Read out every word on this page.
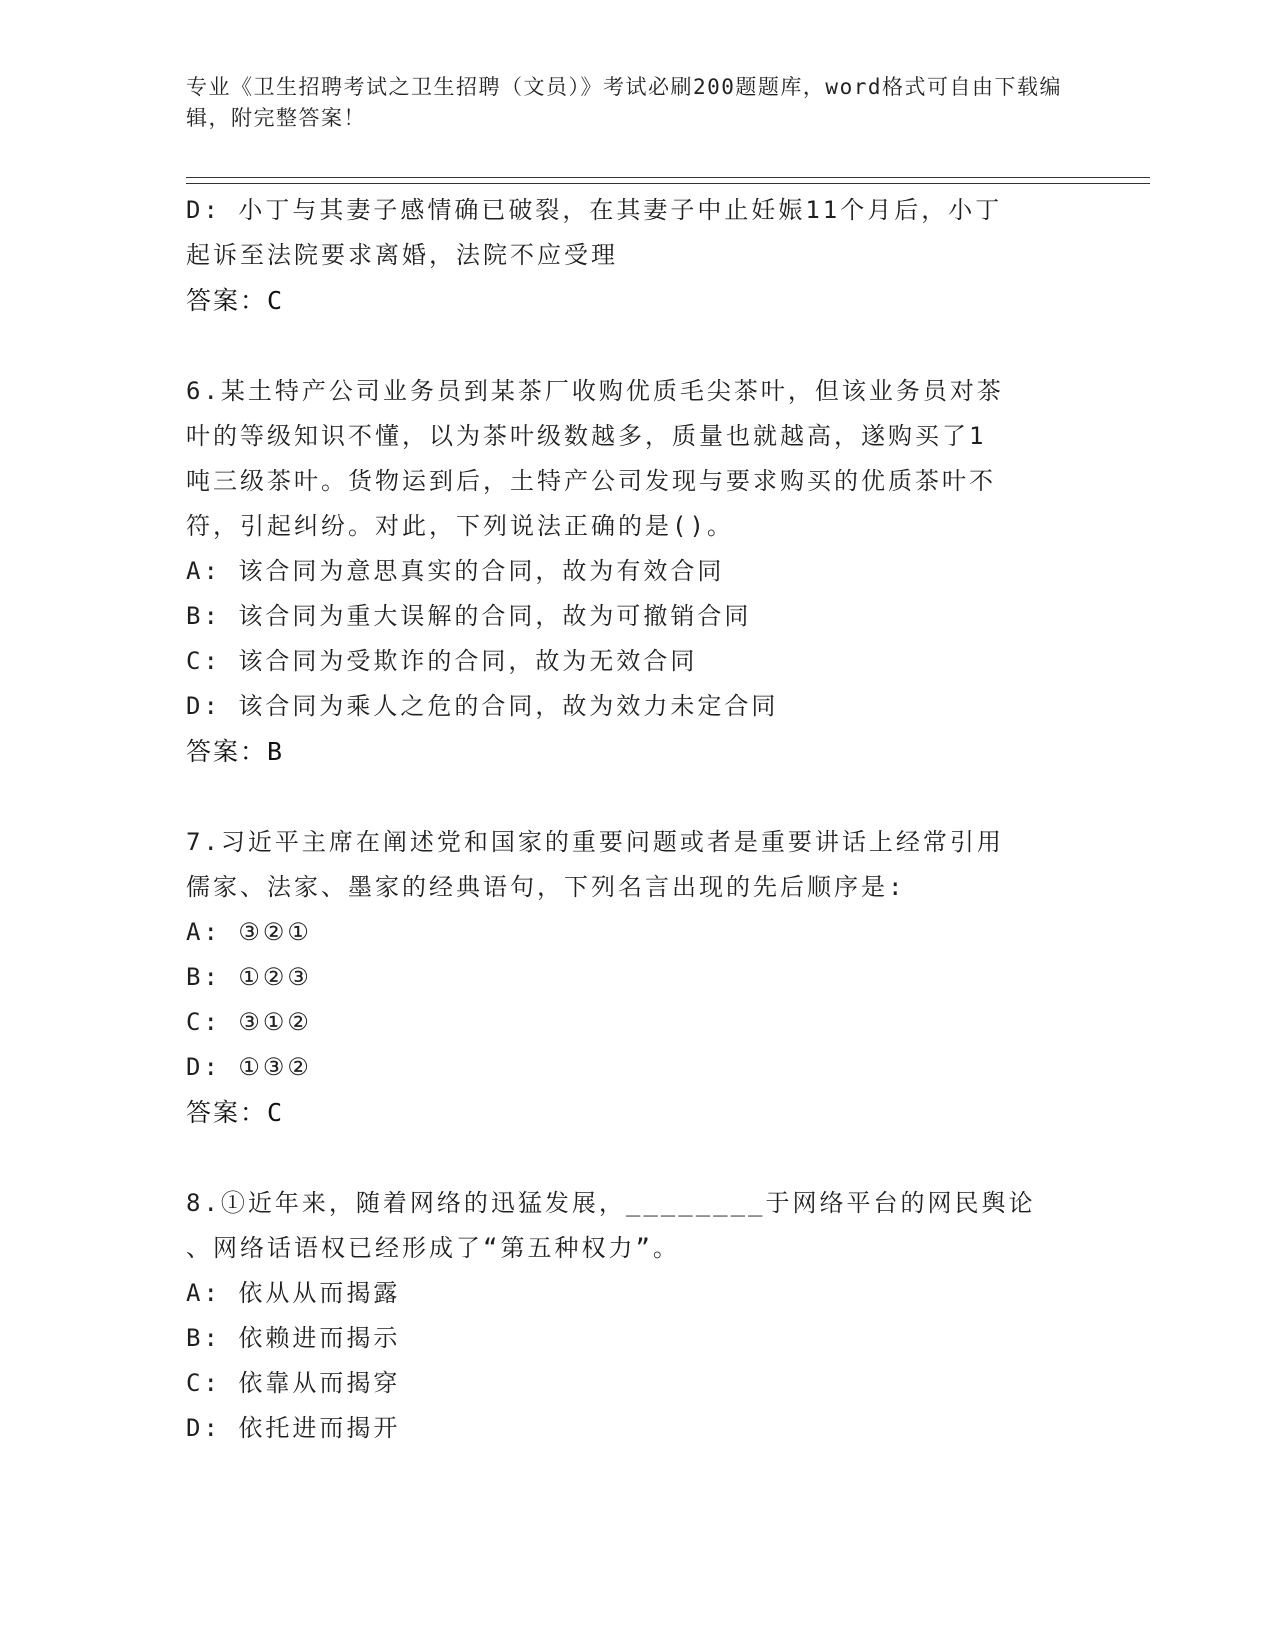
专业《卫生招聘考试之卫生招聘（文员）》考试必刷200题题库，word格式可自由下载编辑，附完整答案！
D: 小丁与其妻子感情确已破裂，在其妻子中止妊娠11个月后，小丁
起诉至法院要求离婚，法院不应受理
答案：C
6.某土特产公司业务员到某茶厂收购优质毛尖茶叶，但该业务员对茶
叶的等级知识不懂，以为茶叶级数越多，质量也就越高，遂购买了1
吨三级茶叶。货物运到后，土特产公司发现与要求购买的优质茶叶不
符，引起纠纷。对此，下列说法正确的是()。
A: 该合同为意思真实的合同，故为有效合同
B: 该合同为重大误解的合同，故为可撤销合同
C: 该合同为受欺诈的合同，故为无效合同
D: 该合同为乘人之危的合同，故为效力未定合同
答案：B
7.习近平主席在阐述党和国家的重要问题或者是重要讲话上经常引用
儒家、法家、墨家的经典语句，下列名言出现的先后顺序是:
A: ③②①
B: ①②③
C: ③①②
D: ①③②
答案：C
8.①近年来，随着网络的迅猛发展，________于网络平台的网民舆论
、网络话语权已经形成了“第五种权力”。
A: 依从从而揭露
B: 依赖进而揭示
C: 依靠从而揭穿
D: 依托进而揭开
